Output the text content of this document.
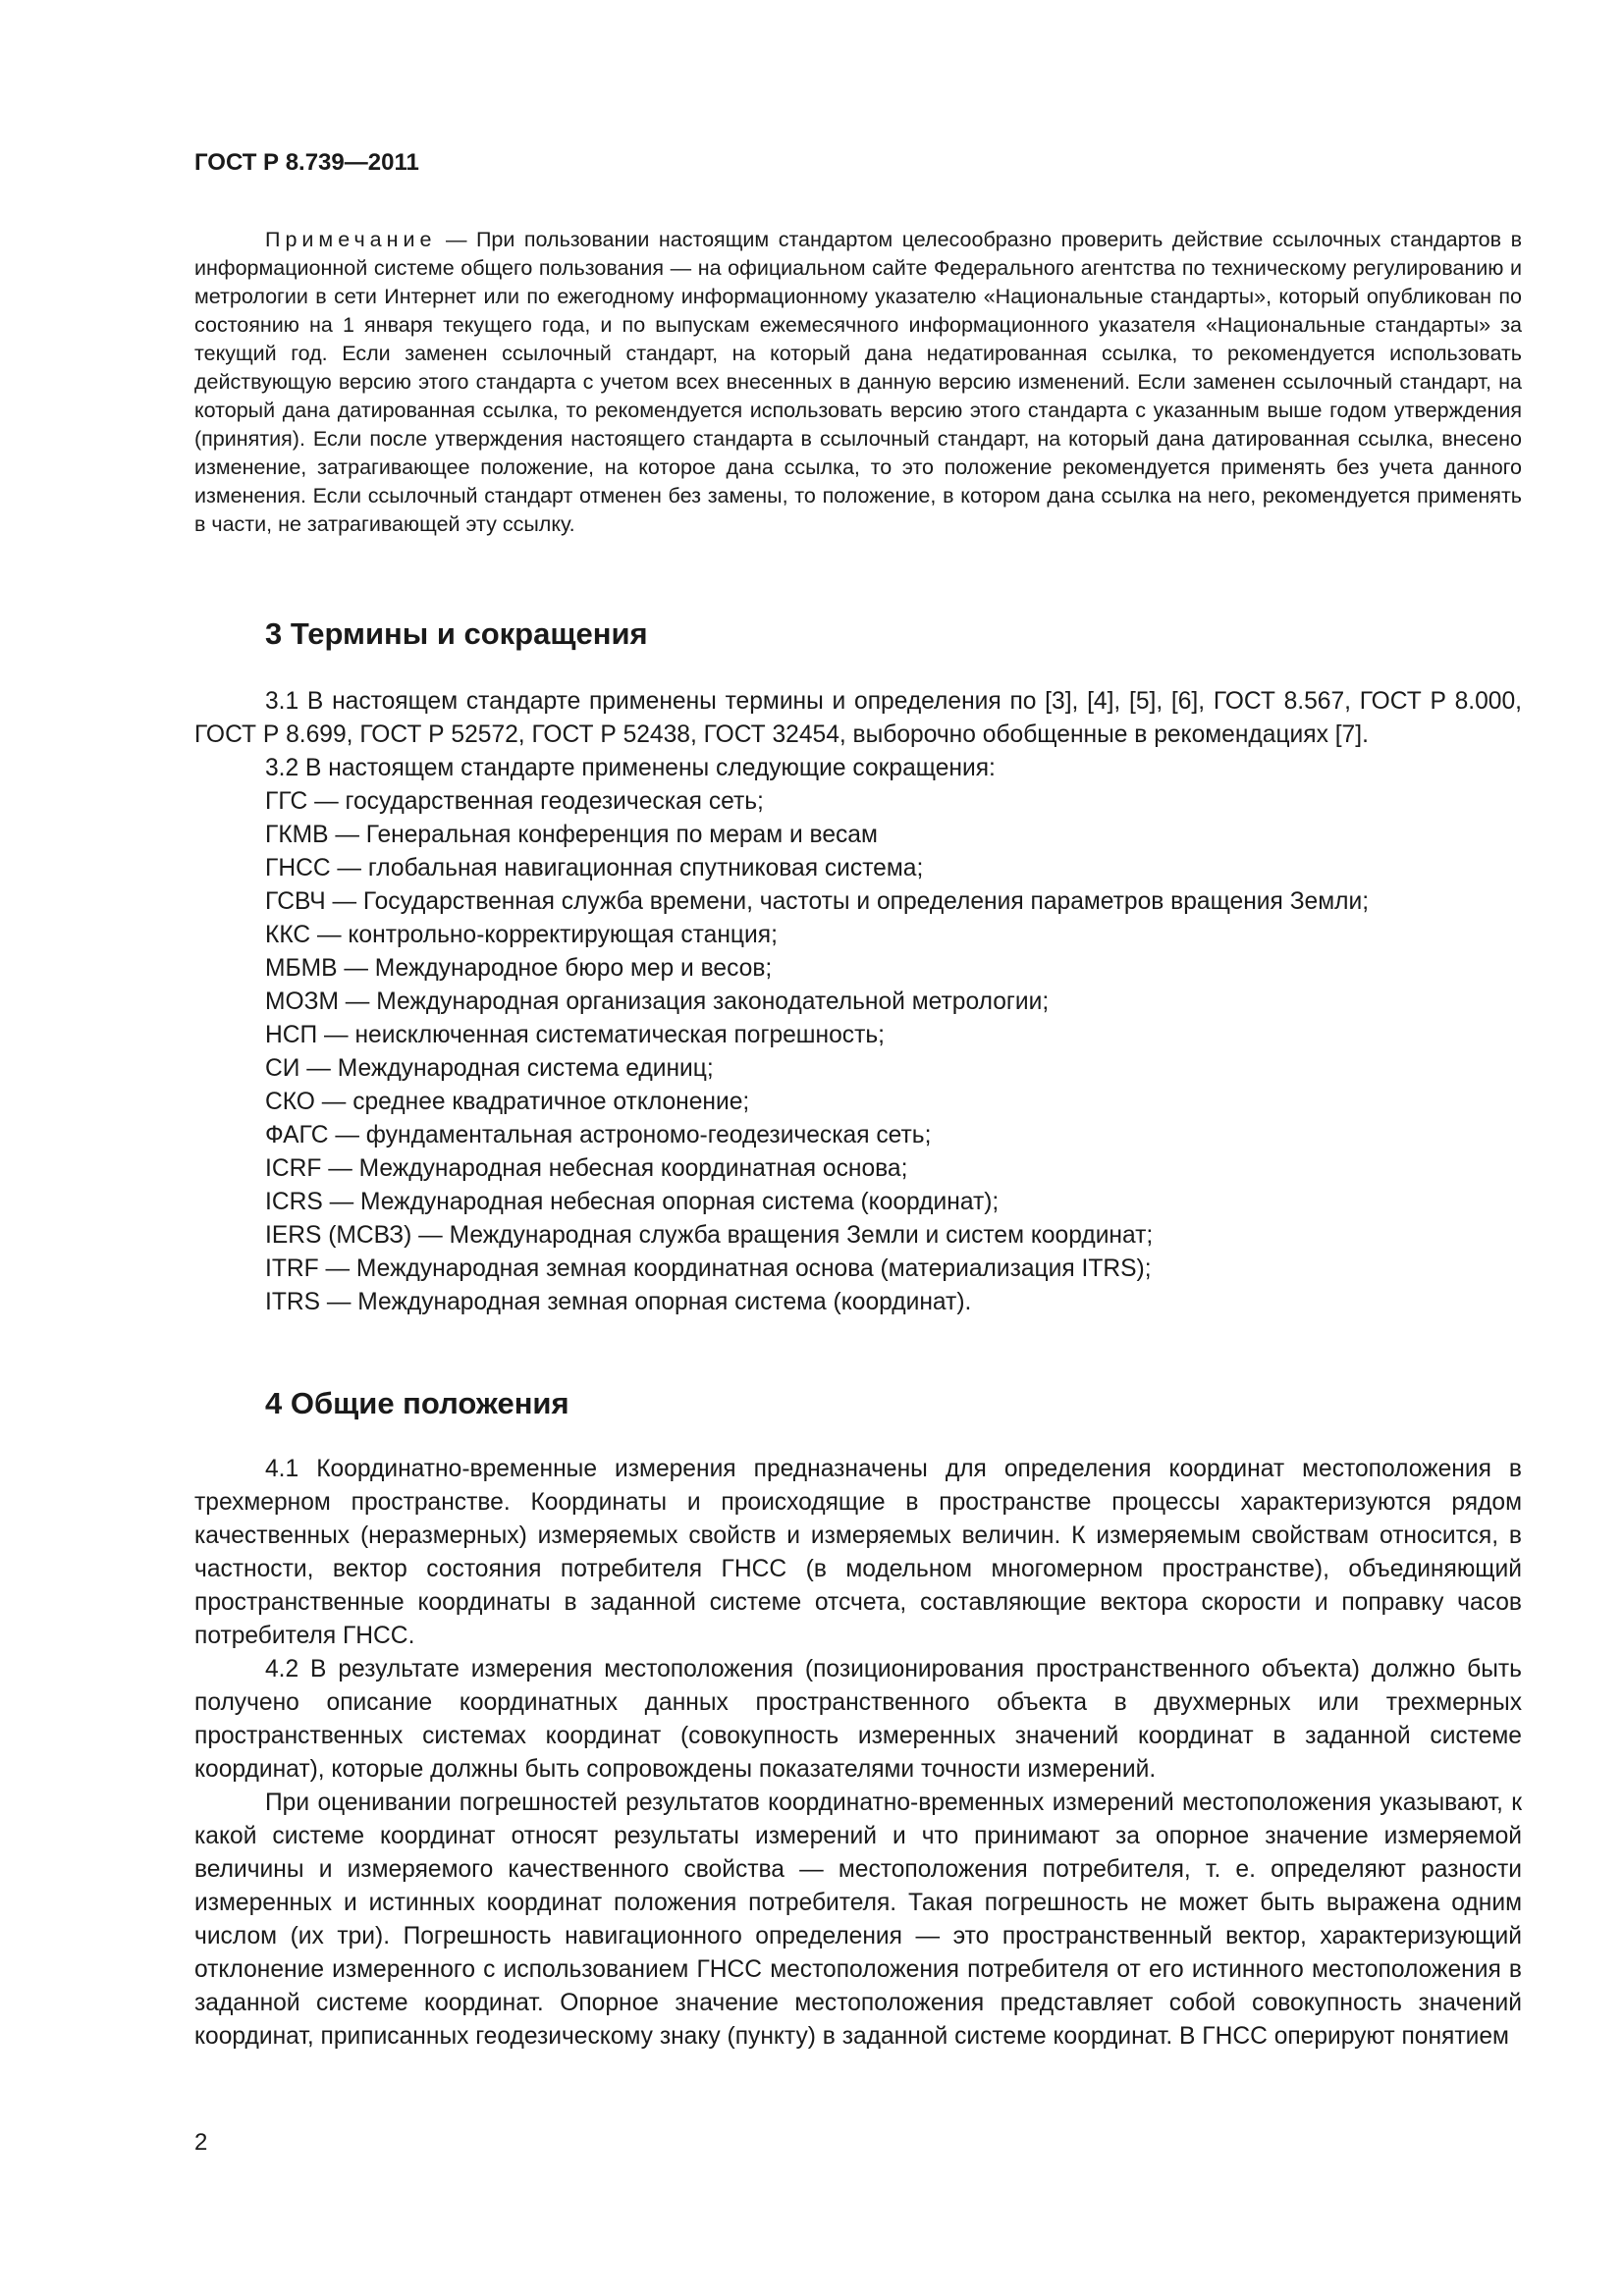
ГОСТ Р 8.739—2011

Примечание — При пользовании настоящим стандартом целесообразно проверить действие ссылочных стандартов в информационной системе общего пользования — на официальном сайте Федерального агентства по техническому регулированию и метрологии в сети Интернет или по ежегодному информационному указателю «Национальные стандарты», который опубликован по состоянию на 1 января текущего года, и по выпускам ежемесячного информационного указателя «Национальные стандарты» за текущий год. Если заменен ссылочный стандарт, на который дана недатированная ссылка, то рекомендуется использовать действующую версию этого стандарта с учетом всех внесенных в данную версию изменений. Если заменен ссылочный стандарт, на который дана датированная ссылка, то рекомендуется использовать версию этого стандарта с указанным выше годом утверждения (принятия). Если после утверждения настоящего стандарта в ссылочный стандарт, на который дана датированная ссылка, внесено изменение, затрагивающее положение, на которое дана ссылка, то это положение рекомендуется применять без учета данного изменения. Если ссылочный стандарт отменен без замены, то положение, в котором дана ссылка на него, рекомендуется применять в части, не затрагивающей эту ссылку.

3 Термины и сокращения

3.1 В настоящем стандарте применены термины и определения по [3], [4], [5], [6], ГОСТ 8.567, ГОСТ Р 8.000, ГОСТ Р 8.699, ГОСТ Р 52572, ГОСТ Р 52438, ГОСТ 32454, выборочно обобщенные в рекомендациях [7].

3.2 В настоящем стандарте применены следующие сокращения:

ГГС — государственная геодезическая сеть;
ГКМВ — Генеральная конференция по мерам и весам
ГНСС — глобальная навигационная спутниковая система;
ГСВЧ — Государственная служба времени, частоты и определения параметров вращения Земли;
ККС — контрольно-корректирующая станция;
МБМВ — Международное бюро мер и весов;
МОЗМ — Международная организация законодательной метрологии;
НСП — неисключенная систематическая погрешность;
СИ — Международная система единиц;
СКО — среднее квадратичное отклонение;
ФАГС — фундаментальная астрономо-геодезическая сеть;
ICRF — Международная небесная координатная основа;
ICRS — Международная небесная опорная система (координат);
IERS (МСВЗ) — Международная служба вращения Земли и систем координат;
ITRF — Международная земная координатная основа (материализация ITRS);
ITRS — Международная земная опорная система (координат).
4 Общие положения

4.1 Координатно-временные измерения предназначены для определения координат местоположения в трехмерном пространстве. Координаты и происходящие в пространстве процессы характеризуются рядом качественных (неразмерных) измеряемых свойств и измеряемых величин. К измеряемым свойствам относится, в частности, вектор состояния потребителя ГНСС (в модельном многомерном пространстве), объединяющий пространственные координаты в заданной системе отсчета, составляющие вектора скорости и поправку часов потребителя ГНСС.

4.2 В результате измерения местоположения (позиционирования пространственного объекта) должно быть получено описание координатных данных пространственного объекта в двухмерных или трехмерных пространственных системах координат (совокупность измеренных значений координат в заданной системе координат), которые должны быть сопровождены показателями точности измерений.

При оценивании погрешностей результатов координатно-временных измерений местоположения указывают, к какой системе координат относят результаты измерений и что принимают за опорное значение измеряемой величины и измеряемого качественного свойства — местоположения потребителя, т. е. определяют разности измеренных и истинных координат положения потребителя. Такая погрешность не может быть выражена одним числом (их три). Погрешность навигационного определения — это пространственный вектор, характеризующий отклонение измеренного с использованием ГНСС местоположения потребителя от его истинного местоположения в заданной системе координат. Опорное значение местоположения представляет собой совокупность значений координат, приписанных геодезическому знаку (пункту) в заданной системе координат. В ГНСС оперируют понятием

2
